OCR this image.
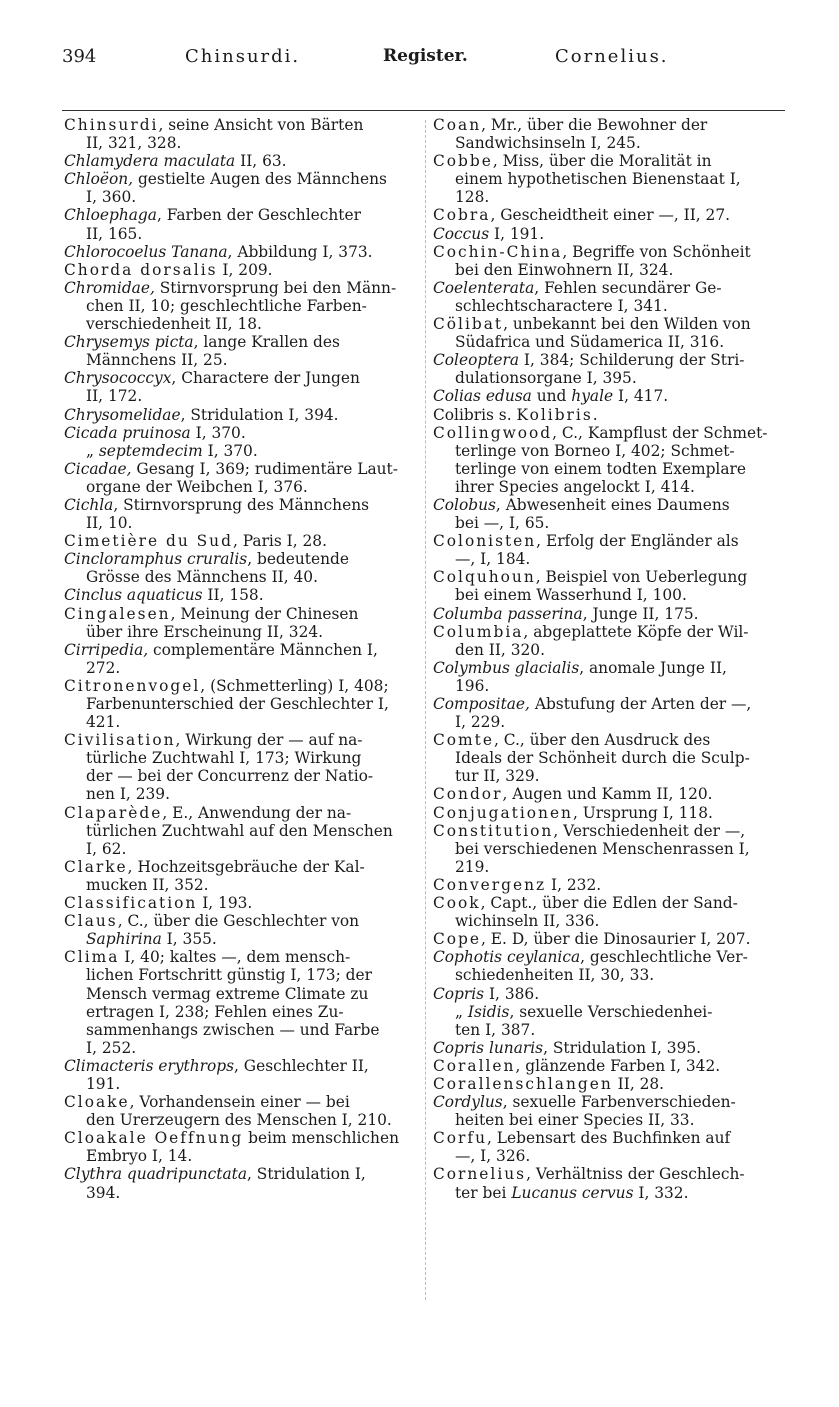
394	Chinsurdi.	Register.	Cornelius.
Chinsurdi, seine Ansicht von Bärten
II, 321, 328.
Chlamydera maculata II, 63.
Chloëon, gestielte Augen des Männchens
I, 360.
Chloephaga, Farben der Geschlechter
II, 165.
Chlorocoelus Tanana, Abbildung I, 373.
Chorda dorsalis I, 209.
Chromidae, Stirnvorsprung bei den Männ-
chen II, 10; geschlechtliche Farben-
verschiedenheit II, 18.
Chrysemys picta, lange Krallen des
Männchens II, 25.
Chrysococcyx, Charactere der Jungen
II, 172.
Chrysomelidae, Stridulation I, 394.
Cicada pruinosa I, 370.
„ septemdecim I, 370.
Cicadae, Gesang I, 369; rudimentäre Laut-
organe der Weibchen I, 376.
Cichla, Stirnvorsprung des Männchens
II, 10.
Cimetière du Sud, Paris I, 28.
Cincloramphus cruralis, bedeutende
Grösse des Männchens II, 40.
Cinclus aquaticus II, 158.
Cingalesen, Meinung der Chinesen
über ihre Erscheinung II, 324.
Cirripedia, complementäre Männchen I,
272.
Citronenvogel, (Schmetterling) I, 408;
Farbenunterschied der Geschlechter I,
421.
Civilisation, Wirkung der — auf na-
türliche Zuchtwahl I, 173; Wirkung
der — bei der Concurrenz der Natio-
nen I, 239.
Claparède, E., Anwendung der na-
türlichen Zuchtwahl auf den Menschen
I, 62.
Clarke, Hochzeitsgebräuche der Kal-
mucken II, 352.
Classification I, 193.
Claus, C., über die Geschlechter von
Saphirina I, 355.
Clima I, 40; kaltes —, dem mensch-
lichen Fortschritt günstig I, 173; der
Mensch vermag extreme Climate zu
ertragen I, 238; Fehlen eines Zu-
sammenhangs zwischen — und Farbe
I, 252.
Climacteris erythrops, Geschlechter II,
191.
Cloake, Vorhandensein einer — bei
den Urerzeugern des Menschen I, 210.
Cloakale Oeffnung beim menschlichen
Embryo I, 14.
Clythra quadripunctata, Stridulation I,
394.
Coan, Mr., über die Bewohner der
Sandwichsinseln I, 245.
Cobbe, Miss, über die Moralität in
einem hypothetischen Bienenstaat I,
128.
Cobra, Gescheidtheit einer —, II, 27.
Coccus I, 191.
Cochin-China, Begriffe von Schönheit
bei den Einwohnern II, 324.
Coelenterata, Fehlen secundärer Ge-
schlechtscharactere I, 341.
Cölibat, unbekannt bei den Wilden von
Südafrica und Südamerica II, 316.
Coleoptera I, 384; Schilderung der Stri-
dulationsorgane I, 395.
Colias edusa und hyale I, 417.
Colibris s. Kolibris.
Collingwood, C., Kampflust der Schmet-
terlinge von Borneo I, 402; Schmet-
terlinge von einem todten Exemplare
ihrer Species angelockt I, 414.
Colobus, Abwesenheit eines Daumens
bei —, I, 65.
Colonisten, Erfolg der Engländer als
—, I, 184.
Colquhoun, Beispiel von Ueberlegung
bei einem Wasserhund I, 100.
Columba passerina, Junge II, 175.
Columbia, abgeplattete Köpfe der Wil-
den II, 320.
Colymbus glacialis, anomale Junge II,
196.
Compositae, Abstufung der Arten der —,
I, 229.
Comte, C., über den Ausdruck des
Ideals der Schönheit durch die Sculp-
tur II, 329.
Condor, Augen und Kamm II, 120.
Conjugationen, Ursprung I, 118.
Constitution, Verschiedenheit der —,
bei verschiedenen Menschenrassen I,
219.
Convergenz I, 232.
Cook, Capt., über die Edlen der Sand-
wichinseln II, 336.
Cope, E. D, über die Dinosaurier I, 207.
Cophotis ceylanica, geschlechtliche Ver-
schiedenheiten II, 30, 33.
Copris I, 386.
„ Isidis, sexuelle Verschiedenhei-
ten I, 387.
Copris lunaris, Stridulation I, 395.
Corallen, glänzende Farben I, 342.
Corallenschlangen II, 28.
Cordylus, sexuelle Farbenverschieden-
heiten bei einer Species II, 33.
Corfu, Lebensart des Buchfinken auf
—, I, 326.
Cornelius, Verhältniss der Geschlech-
ter bei Lucanus cervus I, 332.
